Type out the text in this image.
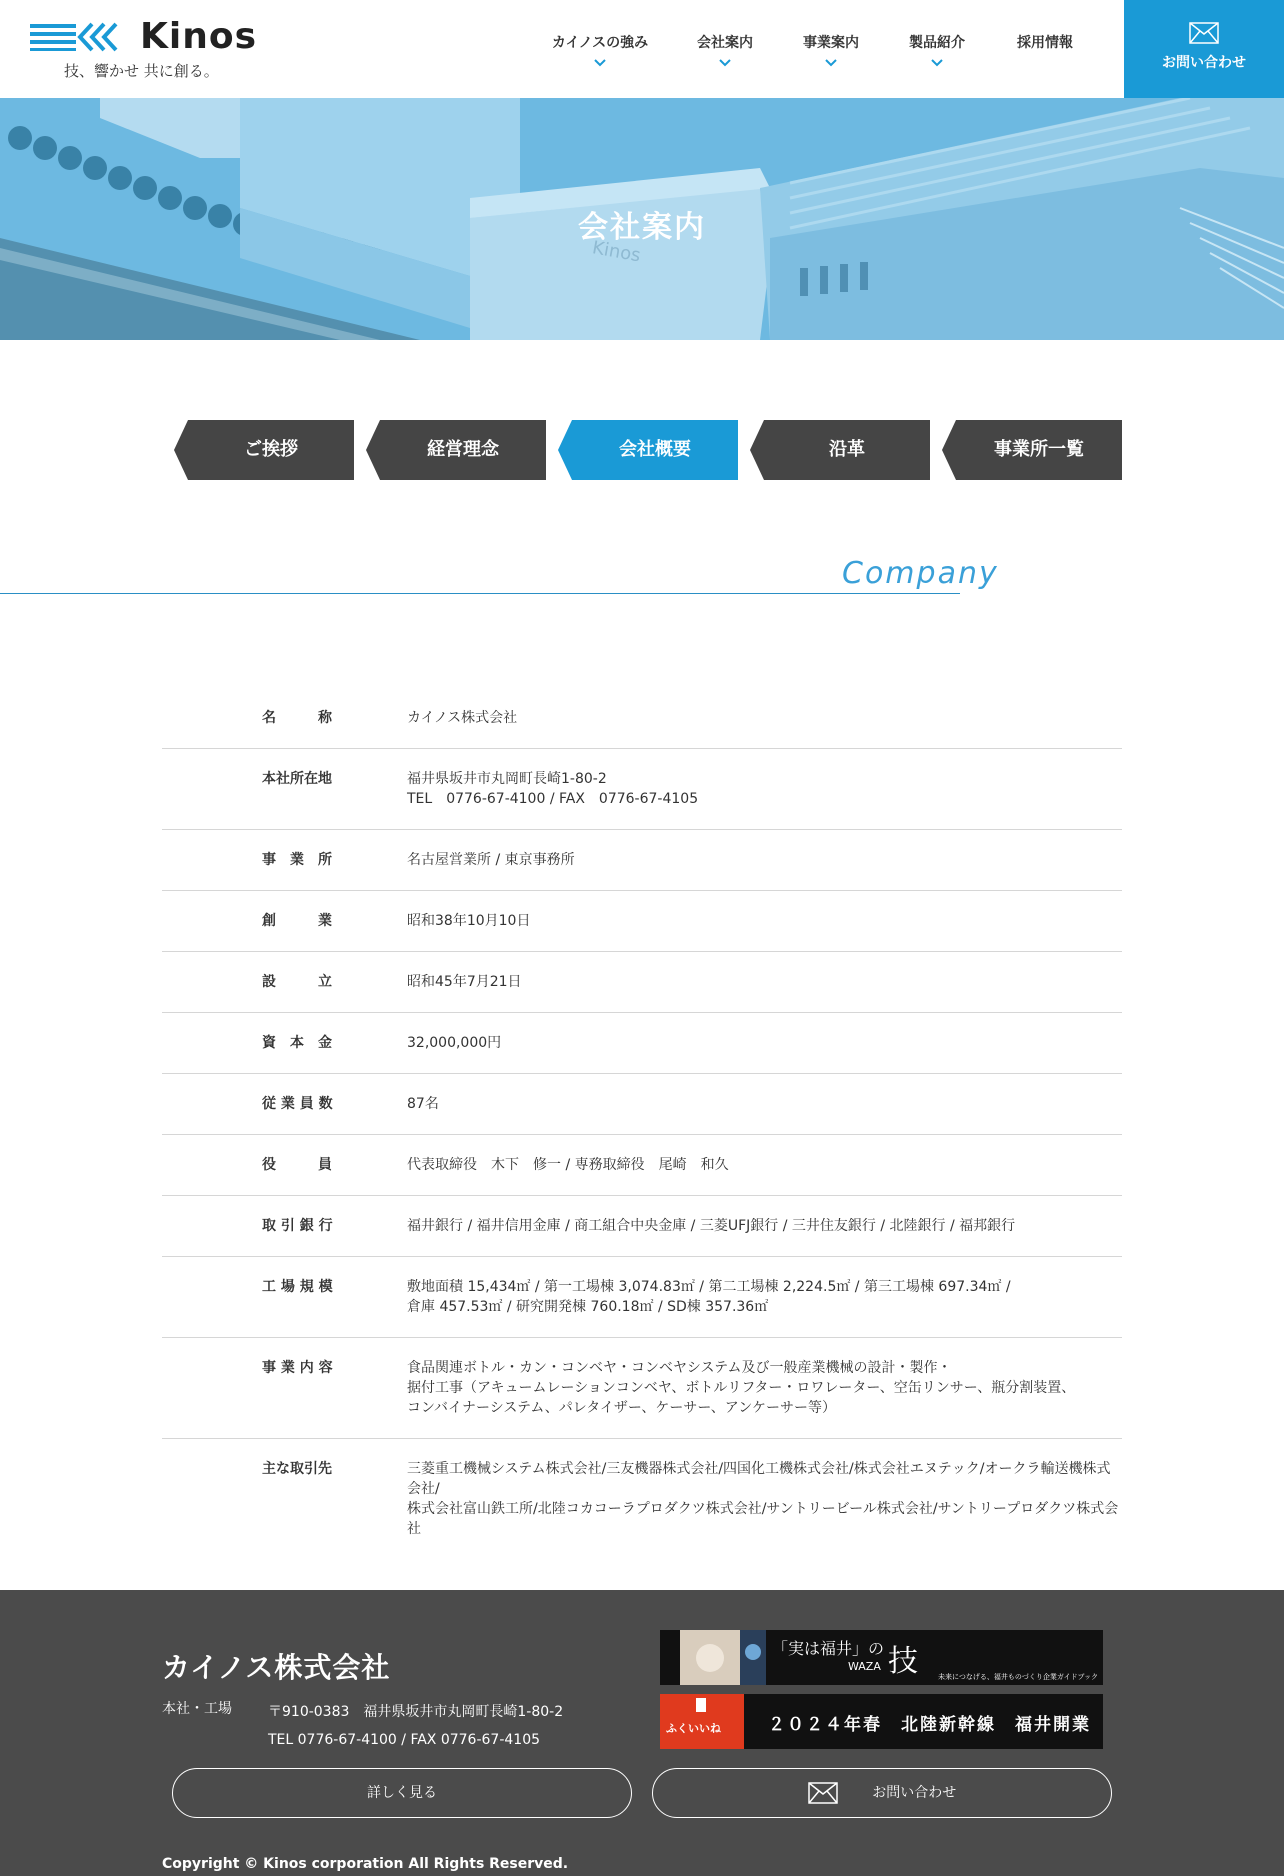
Kinos
技、響かせ 共に創る。
カイノスの強み	会社案内	事業案内	製品紹介	採用情報
お問い合わせ
Kinos
会社案内
ご挨拶	経営理念	会社概要	沿革	事業所一覧
Company
名　　　称	カイノス株式会社
本社所在地	福井県坂井市丸岡町長崎1-80-2
TEL　0776-67-4100 / FAX　0776-67-4105
事　業　所	名古屋営業所 / 東京事務所
創　　　業	昭和38年10月10日
設　　　立	昭和45年7月21日
資　本　金	32,000,000円
従 業 員 数	87名
役　　　員	代表取締役　木下　修一 / 専務取締役　尾崎　和久
取 引 銀 行	福井銀行 / 福井信用金庫 / 商工組合中央金庫 / 三菱UFJ銀行 / 三井住友銀行 / 北陸銀行 / 福邦銀行
工 場 規 模	敷地面積 15,434㎡ / 第一工場棟 3,074.83㎡ / 第二工場棟 2,224.5㎡ / 第三工場棟 697.34㎡ /
倉庫 457.53㎡ / 研究開発棟 760.18㎡ / SD棟 357.36㎡
事 業 内 容	食品関連ボトル・カン・コンベヤ・コンベヤシステム及び一般産業機械の設計・製作・
据付工事（アキュームレーションコンベヤ、ボトルリフター・ロワレーター、空缶リンサー、瓶分割装置、
コンバイナーシステム、パレタイザー、ケーサー、アンケーサー等）
主な取引先	三菱重工機械システム株式会社/三友機器株式会社/四国化工機株式会社/株式会社エヌテック/オークラ輸送機株式会社/
株式会社富山鉄工所/北陸コカコーラプロダクツ株式会社/サントリービール株式会社/サントリープロダクツ株式会社
カイノス株式会社
本社・工場	〒910-0383　福井県坂井市丸岡町長崎1-80-2
TEL 0776-67-4100 / FAX 0776-67-4105
「実は福井」の 技
WAZA
未来につなげる、福井ものづくり企業ガイドブック
ふくいいね	２０２４年春　北陸新幹線　福井開業
詳しく見る	お問い合わせ
Copyright © Kinos corporation All Rights Reserved.
